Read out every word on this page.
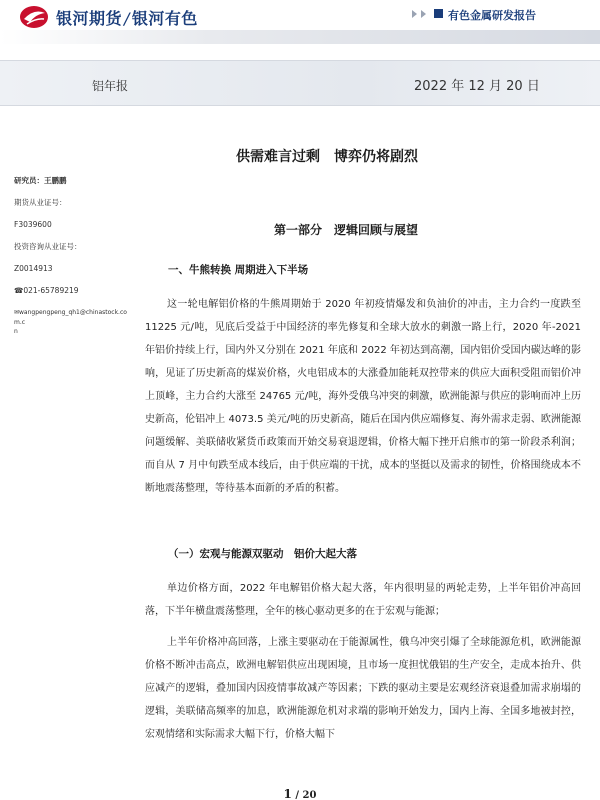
银河期货 / 银河有色	有色金属研发报告
铝年报	2022 年 12 月 20 日
供需难言过剩　博弈仍将剧烈
研究员：王鹏鹏
期货从业证号：
F3039600
投资咨询从业证号：
Z0014913
☎021-65789219
✉wangpengpeng_qh1@chinastock.com.c
n
第一部分　逻辑回顾与展望
一、牛熊转换 周期进入下半场
这一轮电解铝价格的牛熊周期始于 2020 年初疫情爆发和负油价的冲击，主力合约一度跌至 11225 元/吨，见底后受益于中国经济的率先修复和全球大放水的刺激一路上行，2020 年-2021 年铝价持续上行，国内外又分别在 2021 年底和 2022 年初达到高潮，国内铝价受国内碳达峰的影响，见证了历史新高的煤炭价格，火电铝成本的大涨叠加能耗双控带来的供应大面积受阻而铝价冲上顶峰，主力合约大涨至 24765 元/吨，海外受俄乌冲突的刺激，欧洲能源与供应的影响而冲上历史新高，伦铝冲上 4073.5 美元/吨的历史新高，随后在国内供应端修复、海外需求走弱、欧洲能源问题缓解、美联储收紧货币政策而开始交易衰退逻辑，价格大幅下挫开启熊市的第一阶段杀利润；而自从 7 月中旬跌至成本线后，由于供应端的干扰，成本的坚挺以及需求的韧性，价格围绕成本不断地震荡整理，等待基本面新的矛盾的积蓄。
（一）宏观与能源双驱动　铝价大起大落
单边价格方面，2022 年电解铝价格大起大落，年内很明显的两轮走势，上半年铝价冲高回落，下半年横盘震荡整理，全年的核心驱动更多的在于宏观与能源；
上半年价格冲高回落，上涨主要驱动在于能源属性，俄乌冲突引爆了全球能源危机，欧洲能源价格不断冲击高点，欧洲电解铝供应出现困境，且市场一度担忧俄铝的生产安全，走成本抬升、供应减产的逻辑，叠加国内因疫情事故减产等因素；下跌的驱动主要是宏观经济衰退叠加需求崩塌的逻辑，美联储高频率的加息，欧洲能源危机对求端的影响开始发力，国内上海、全国多地被封控，宏观情绪和实际需求大幅下行，价格大幅下
1 / 20
